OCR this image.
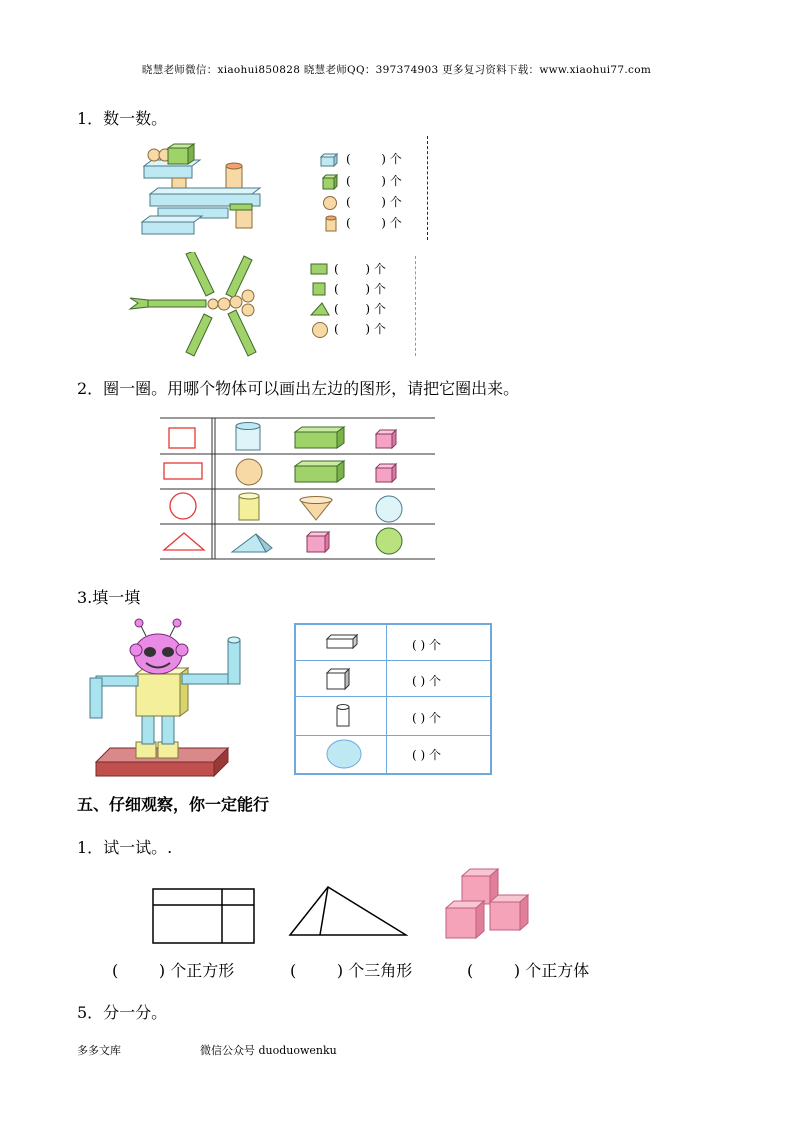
晓慧老师微信：xiaohui850828 晓慧老师QQ：397374903 更多复习资料下载：www.xiaohui77.com
1．数一数。
(        ) 个
(        ) 个
(        ) 个
(        ) 个
(       ) 个
(       ) 个
(       ) 个
(       ) 个
2．圈一圈。用哪个物体可以画出左边的图形，请把它圈出来。
3.填一填
( ) 个
( ) 个
( ) 个
( ) 个
五、仔细观察，你一定能行
1．试一试。.
(        ) 个正方形	(        ) 个三角形	(        ) 个正方体
5．分一分。
多多文库	微信公众号 duoduowenku
